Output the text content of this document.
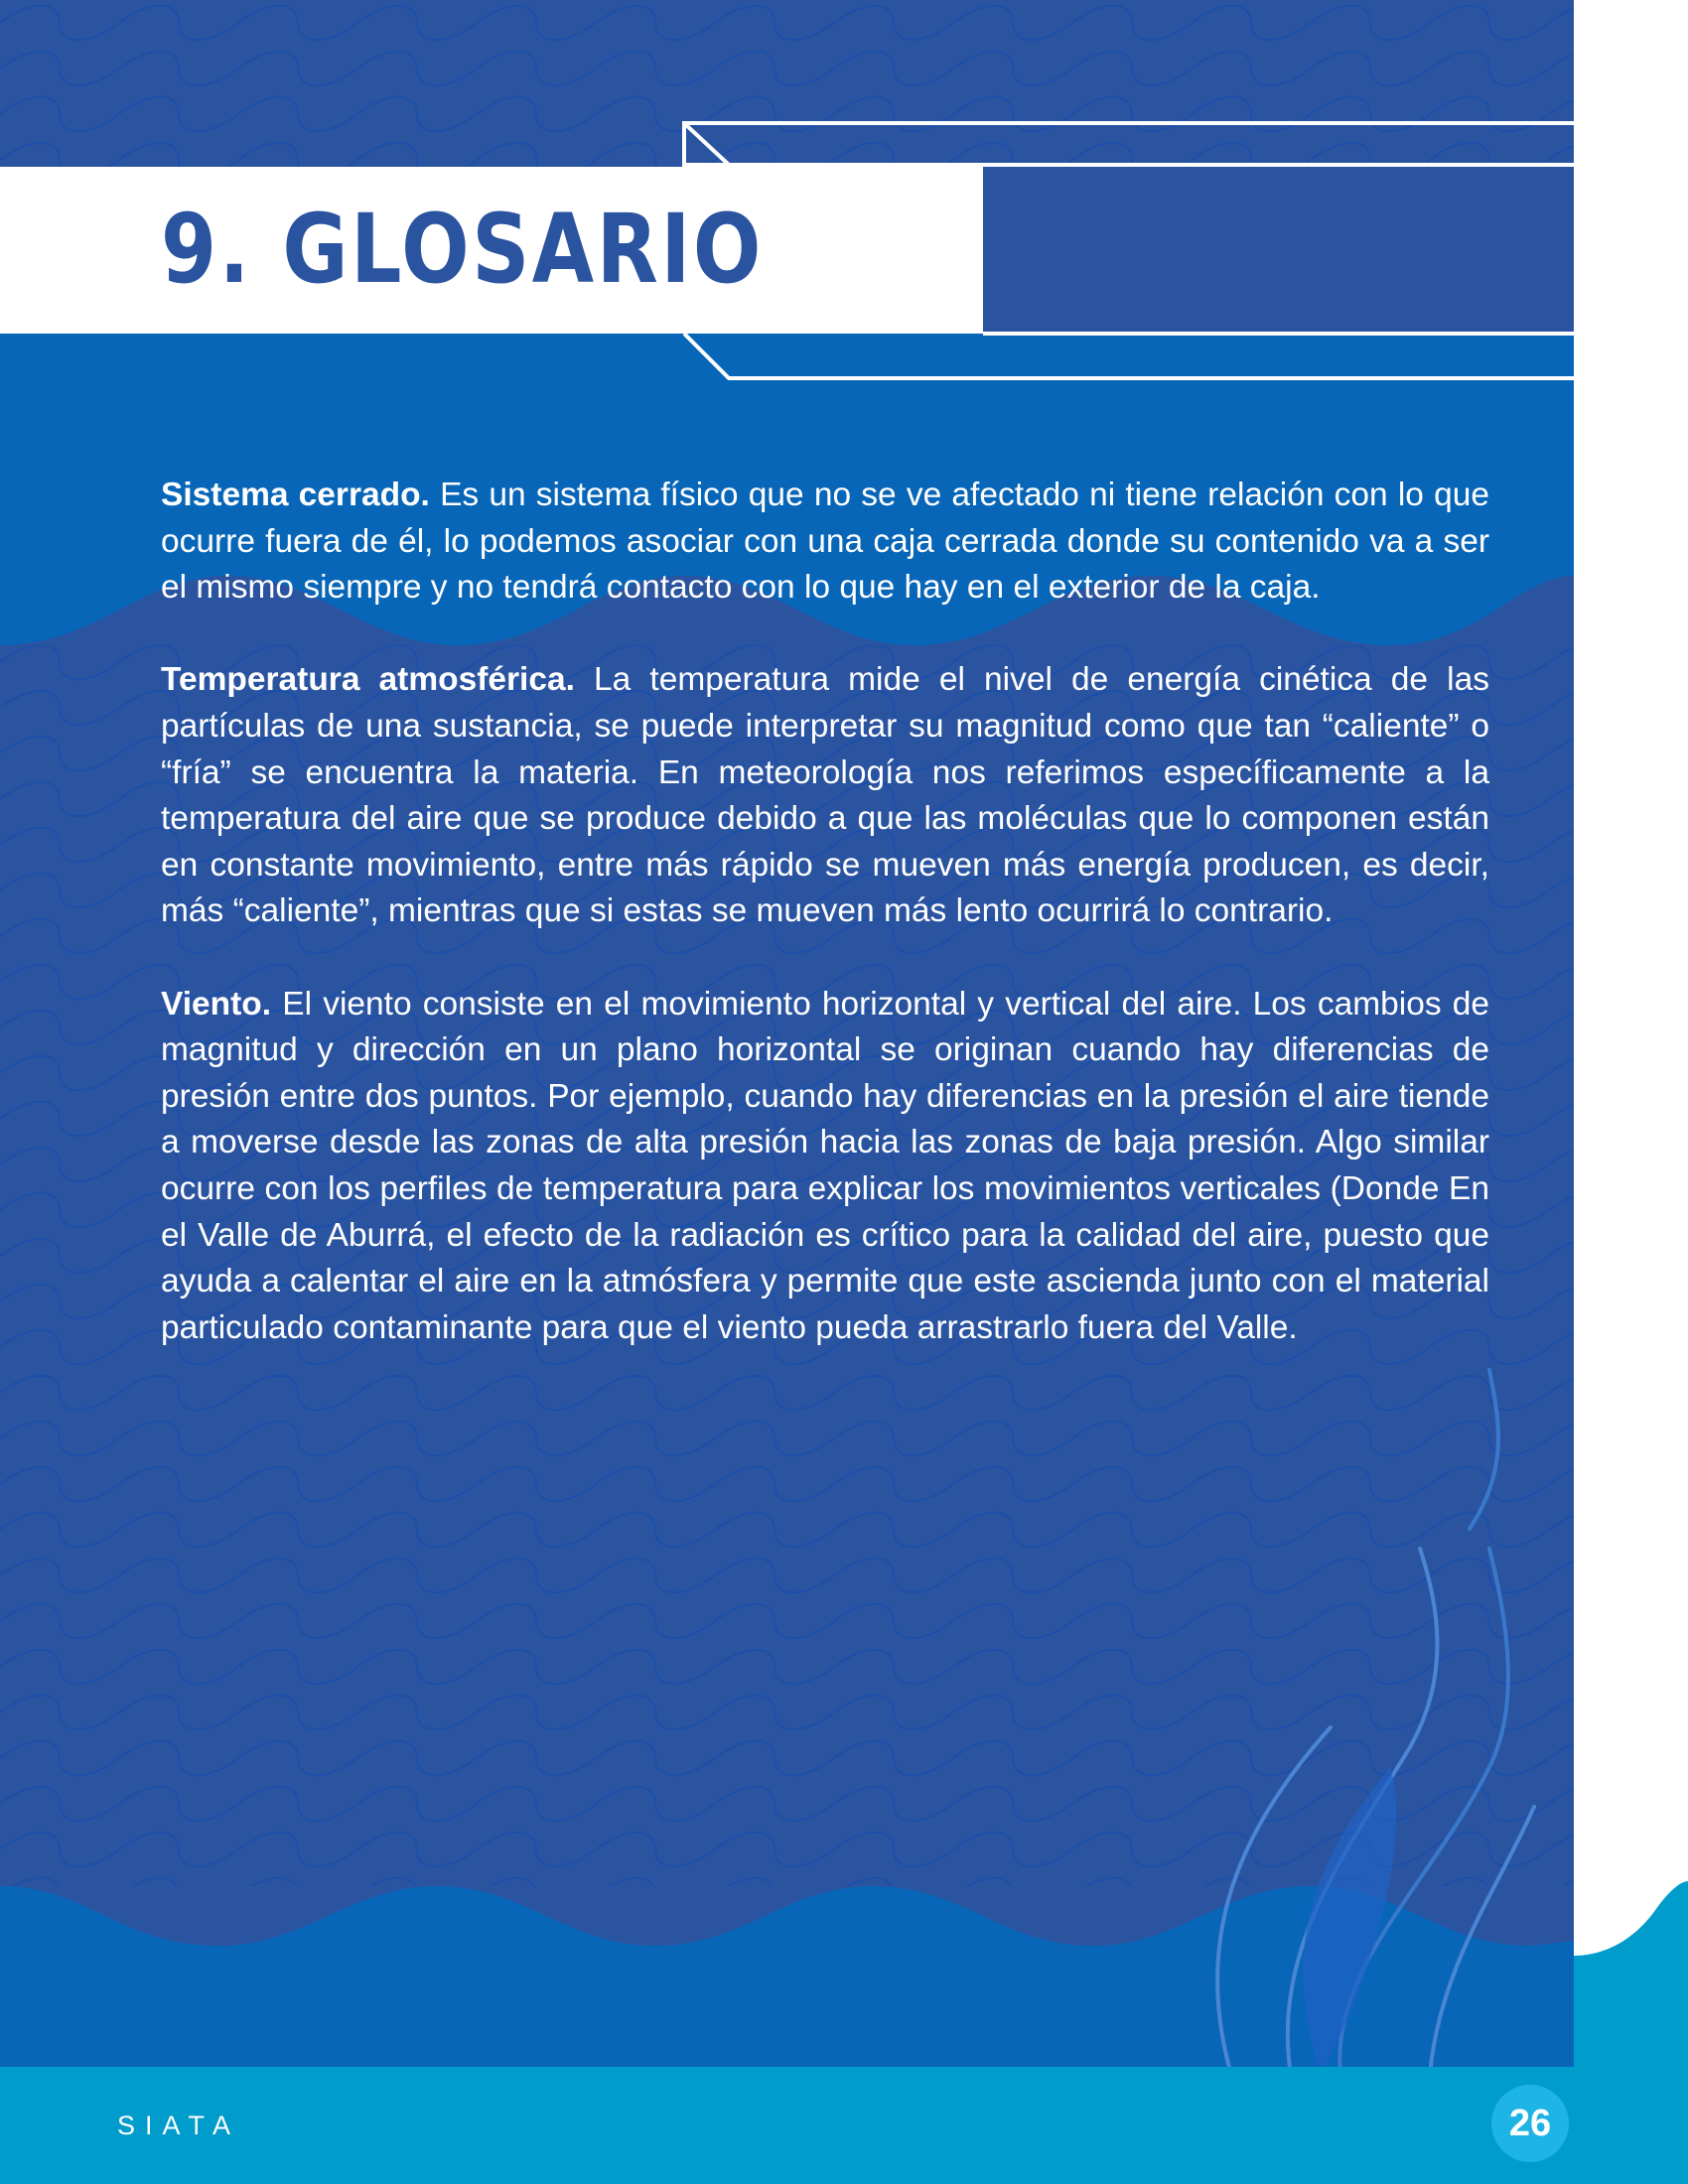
9. GLOSARIO

Sistema cerrado. Es un sistema físico que no se ve afectado ni tiene relación con lo que ocurre fuera de él, lo podemos asociar con una caja cerrada donde su contenido va a ser el mismo siempre y no tendrá contacto con lo que hay en el exterior de la caja.

Temperatura atmosférica. La temperatura mide el nivel de energía cinética de las partículas de una sustancia, se puede interpretar su magnitud como que tan “caliente” o “fría” se encuentra la materia. En meteorología nos referimos específicamente a la temperatura del aire que se produce debido a que las moléculas que lo componen están en constante movimiento, entre más rápido se mueven más energía producen, es decir, más “caliente”, mientras que si estas se mueven más lento ocurrirá lo contrario.

Viento. El viento consiste en el movimiento horizontal y vertical del aire. Los cambios de magnitud y dirección en un plano horizontal se originan cuando hay diferencias de presión entre dos puntos. Por ejemplo, cuando hay diferencias en la presión el aire tiende a moverse desde las zonas de alta presión hacia las zonas de baja presión. Algo similar ocurre con los perfiles de temperatura para explicar los movimientos verticales (Donde En el Valle de Aburrá, el efecto de la radiación es crítico para la calidad del aire, puesto que ayuda a calentar el aire en la atmósfera y permite que este ascienda junto con el material particulado contaminante para que el viento pueda arrastrarlo fuera del Valle.

SIATA	26
